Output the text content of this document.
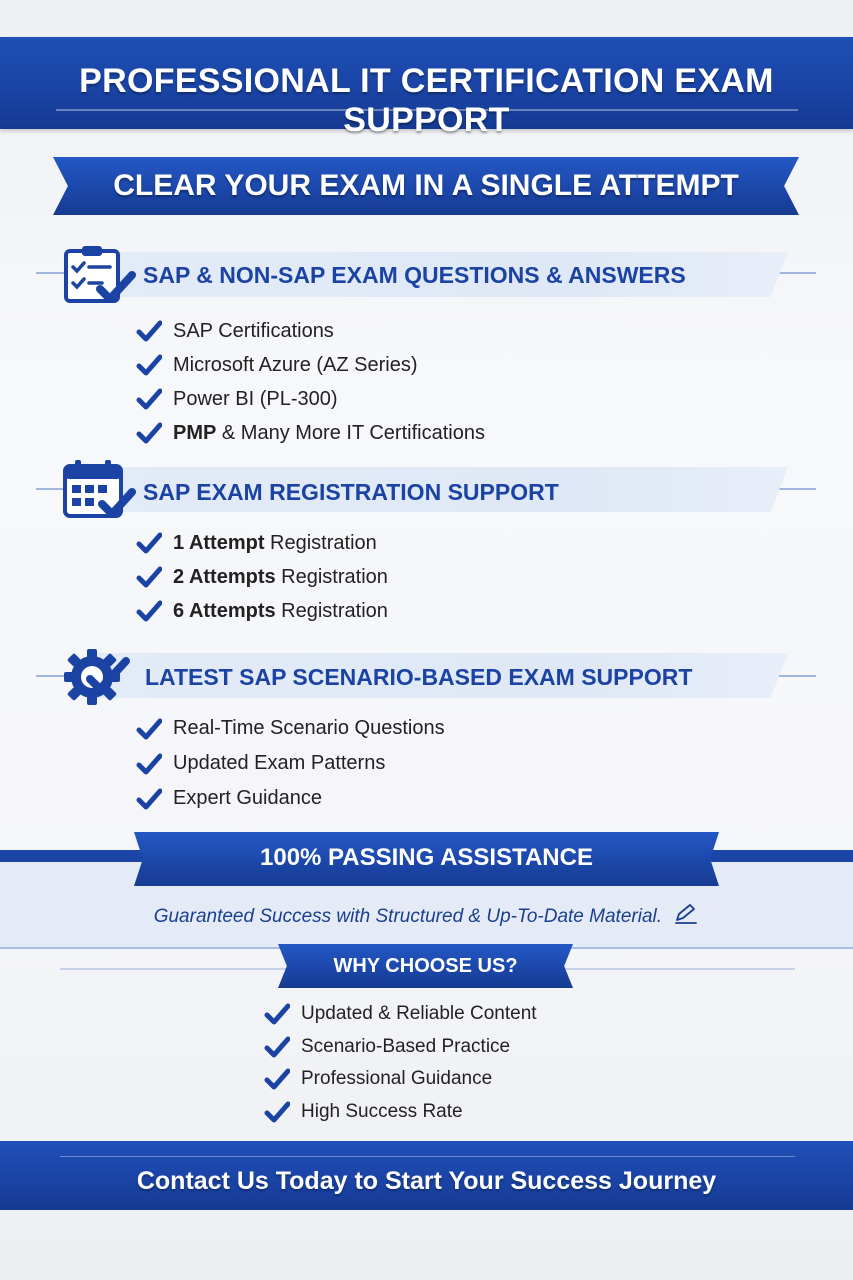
PROFESSIONAL IT CERTIFICATION EXAM SUPPORT
CLEAR YOUR EXAM IN A SINGLE ATTEMPT
SAP & NON-SAP EXAM QUESTIONS & ANSWERS
SAP Certifications
Microsoft Azure (AZ Series)
Power BI (PL-300)
PMP & Many More IT Certifications
SAP EXAM REGISTRATION SUPPORT
1 Attempt Registration
2 Attempts Registration
6 Attempts Registration
LATEST SAP SCENARIO-BASED EXAM SUPPORT
Real-Time Scenario Questions
Updated Exam Patterns
Expert Guidance
100% PASSING ASSISTANCE
Guaranteed Success with Structured & Up-To-Date Material.
WHY CHOOSE US?
Updated & Reliable Content
Scenario-Based Practice
Professional Guidance
High Success Rate
Contact Us Today to Start Your Success Journey
